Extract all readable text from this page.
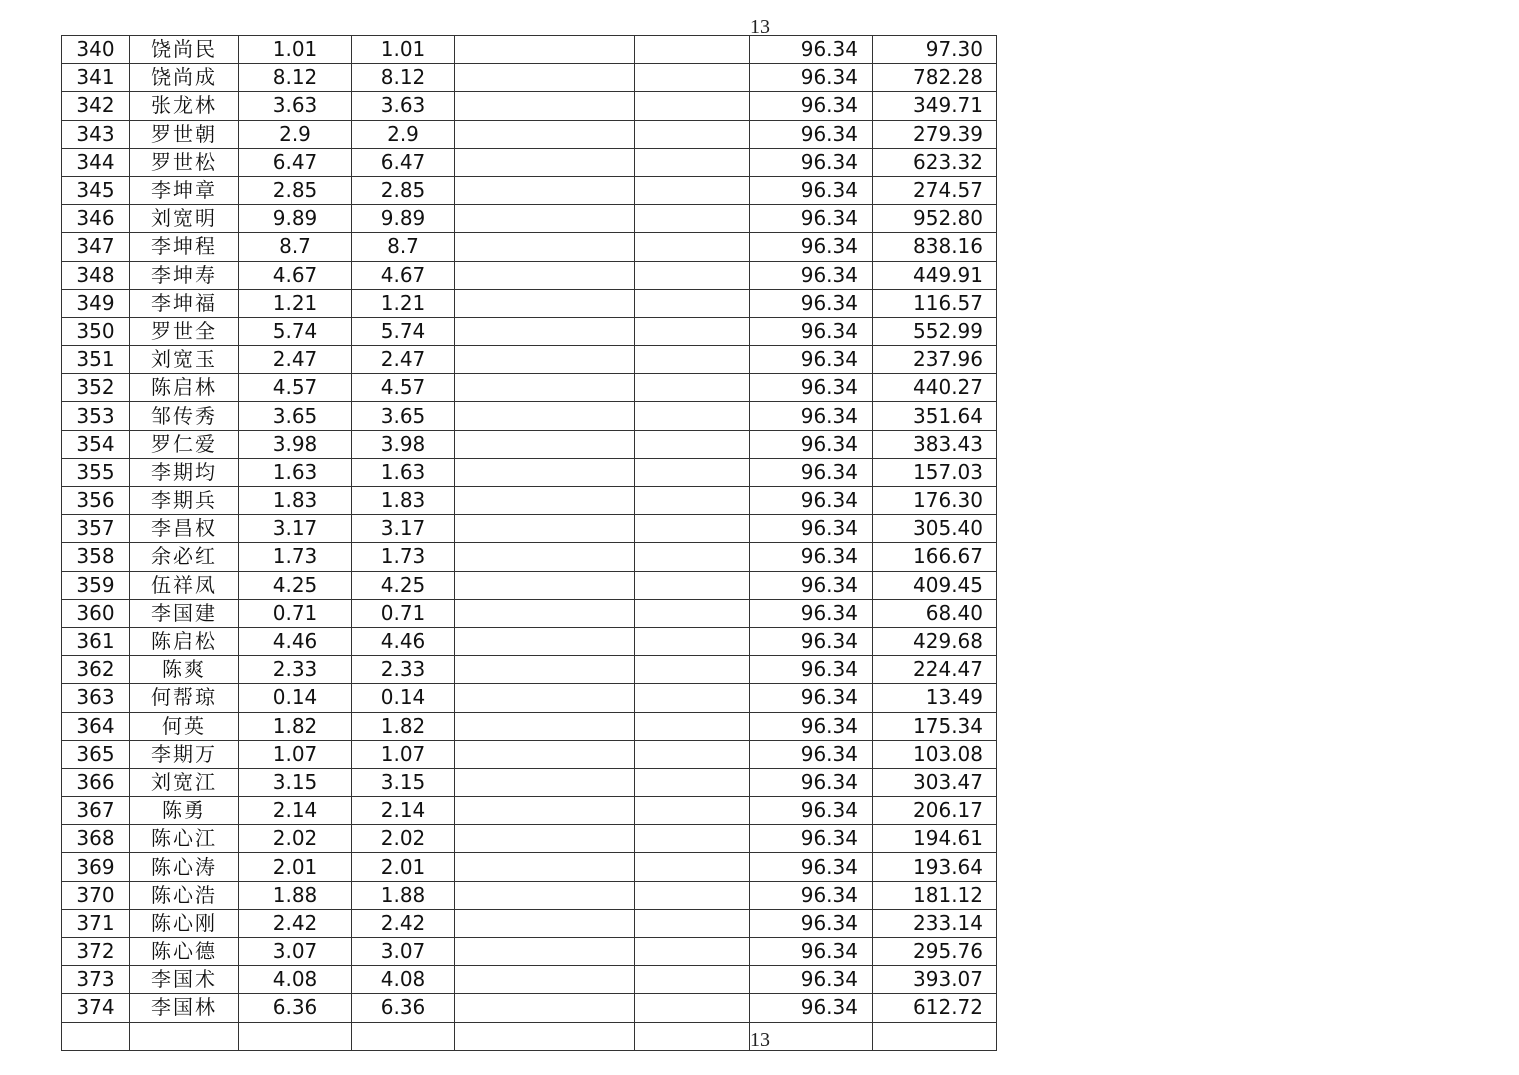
13
340	饶尚民	1.01	1.01			96.34	97.30
341	饶尚成	8.12	8.12			96.34	782.28
342	张龙林	3.63	3.63			96.34	349.71
343	罗世朝	2.9	2.9			96.34	279.39
344	罗世松	6.47	6.47			96.34	623.32
345	李坤章	2.85	2.85			96.34	274.57
346	刘宽明	9.89	9.89			96.34	952.80
347	李坤程	8.7	8.7			96.34	838.16
348	李坤寿	4.67	4.67			96.34	449.91
349	李坤福	1.21	1.21			96.34	116.57
350	罗世全	5.74	5.74			96.34	552.99
351	刘宽玉	2.47	2.47			96.34	237.96
352	陈启林	4.57	4.57			96.34	440.27
353	邹传秀	3.65	3.65			96.34	351.64
354	罗仁爱	3.98	3.98			96.34	383.43
355	李期均	1.63	1.63			96.34	157.03
356	李期兵	1.83	1.83			96.34	176.30
357	李昌权	3.17	3.17			96.34	305.40
358	余必红	1.73	1.73			96.34	166.67
359	伍祥凤	4.25	4.25			96.34	409.45
360	李国建	0.71	0.71			96.34	68.40
361	陈启松	4.46	4.46			96.34	429.68
362	陈爽	2.33	2.33			96.34	224.47
363	何帮琼	0.14	0.14			96.34	13.49
364	何英	1.82	1.82			96.34	175.34
365	李期万	1.07	1.07			96.34	103.08
366	刘宽江	3.15	3.15			96.34	303.47
367	陈勇	2.14	2.14			96.34	206.17
368	陈心江	2.02	2.02			96.34	194.61
369	陈心涛	2.01	2.01			96.34	193.64
370	陈心浩	1.88	1.88			96.34	181.12
371	陈心刚	2.42	2.42			96.34	233.14
372	陈心德	3.07	3.07			96.34	295.76
373	李国术	4.08	4.08			96.34	393.07
374	李国林	6.36	6.36			96.34	612.72

13
